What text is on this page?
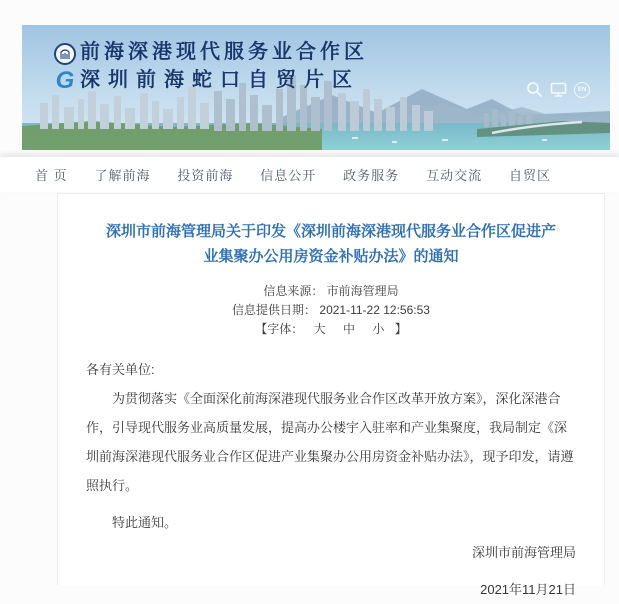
G
前海深港现代服务业合作区
深圳前海蛇口自贸片区	EN
首 页 了解前海 投资前海 信息公开 政务服务 互动交流 自贸区
深圳市前海管理局关于印发《深圳前海深港现代服务业合作区促进产业集聚办公用房资金补贴办法》的通知
信息来源： 市前海管理局
信息提供日期： 2021-11-22 12:56:53
【字体： 大 中 小 】

各有关单位:

为贯彻落实《全面深化前海深港现代服务业合作区改革开放方案》，深化深港合作，引导现代服务业高质量发展，提高办公楼宇入驻率和产业集聚度，我局制定《深圳前海深港现代服务业合作区促进产业集聚办公用房资金补贴办法》，现予印发，请遵照执行。

特此通知。

深圳市前海管理局

2021年11月21日
